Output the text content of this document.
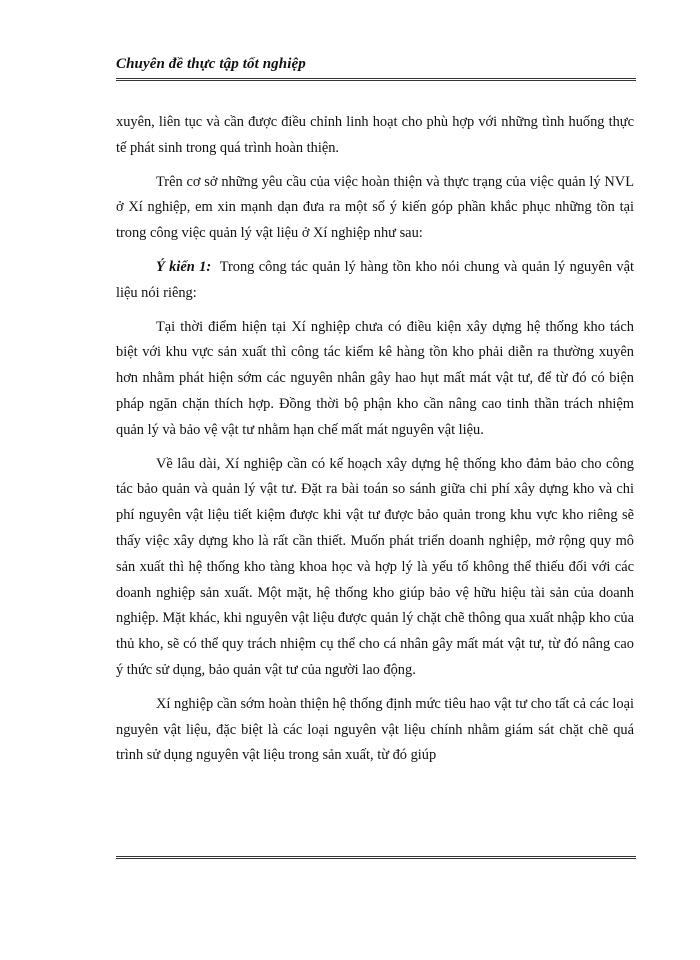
Chuyên đề thực tập tốt nghiệp

xuyên, liên tục và cần được điều chỉnh linh hoạt cho phù hợp với những tình huống thực tế phát sinh trong quá trình hoàn thiện.

Trên cơ sở những yêu cầu của việc hoàn thiện và thực trạng của việc quản lý NVL ở Xí nghiệp, em xin mạnh dạn đưa ra một số ý kiến góp phần khắc phục những tồn tại trong công việc quản lý vật liệu ở Xí nghiệp như sau:

Ý kiến 1: Trong công tác quản lý hàng tồn kho nói chung và quản lý nguyên vật liệu nói riêng:

Tại thời điểm hiện tại Xí nghiệp chưa có điều kiện xây dựng hệ thống kho tách biệt với khu vực sản xuất thì công tác kiểm kê hàng tồn kho phải diễn ra thường xuyên hơn nhằm phát hiện sớm các nguyên nhân gây hao hụt mất mát vật tư, để từ đó có biện pháp ngăn chặn thích hợp. Đồng thời bộ phận kho cần nâng cao tinh thần trách nhiệm quản lý và bảo vệ vật tư nhằm hạn chế mất mát nguyên vật liệu.

Về lâu dài, Xí nghiệp cần có kế hoạch xây dựng hệ thống kho đảm bảo cho công tác bảo quản và quản lý vật tư. Đặt ra bài toán so sánh giữa chi phí xây dựng kho và chi phí nguyên vật liệu tiết kiệm được khi vật tư được bảo quản trong khu vực kho riêng sẽ thấy việc xây dựng kho là rất cần thiết. Muốn phát triển doanh nghiệp, mở rộng quy mô sản xuất thì hệ thống kho tàng khoa học và hợp lý là yếu tố không thể thiếu đối với các doanh nghiệp sản xuất. Một mặt, hệ thống kho giúp bảo vệ hữu hiệu tài sản của doanh nghiệp. Mặt khác, khi nguyên vật liệu được quản lý chặt chẽ thông qua xuất nhập kho của thủ kho, sẽ có thể quy trách nhiệm cụ thể cho cá nhân gây mất mát vật tư, từ đó nâng cao ý thức sử dụng, bảo quản vật tư của người lao động.

Xí nghiệp cần sớm hoàn thiện hệ thống định mức tiêu hao vật tư cho tất cả các loại nguyên vật liệu, đặc biệt là các loại nguyên vật liệu chính nhằm giám sát chặt chẽ quá trình sử dụng nguyên vật liệu trong sản xuất, từ đó giúp
